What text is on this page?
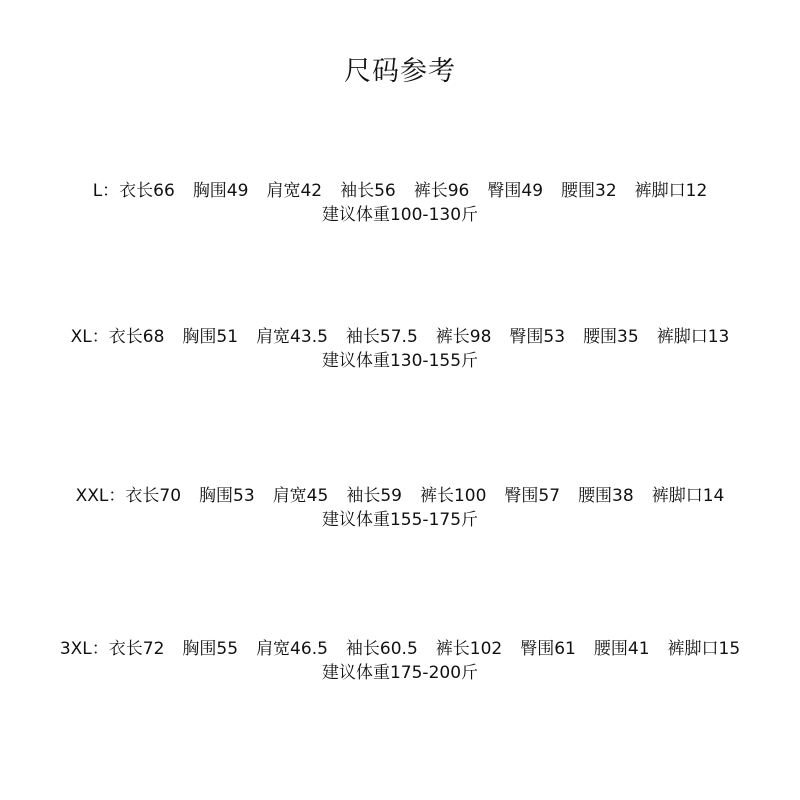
尺码参考
L ： 衣长66 胸围49 肩宽42 袖长56 裤长96 臀围49 腰围32 裤脚口12
建议体重100-130斤
XL ： 衣长68 胸围51 肩宽43.5 袖长57.5 裤长98 臀围53 腰围35 裤脚口13
建议体重130-155斤
XXL ： 衣长70 胸围53 肩宽45 袖长59 裤长100 臀围57 腰围38 裤脚口14
建议体重155-175斤
3XL ： 衣长72 胸围55 肩宽46.5 袖长60.5 裤长102 臀围61 腰围41 裤脚口15
建议体重175-200斤
